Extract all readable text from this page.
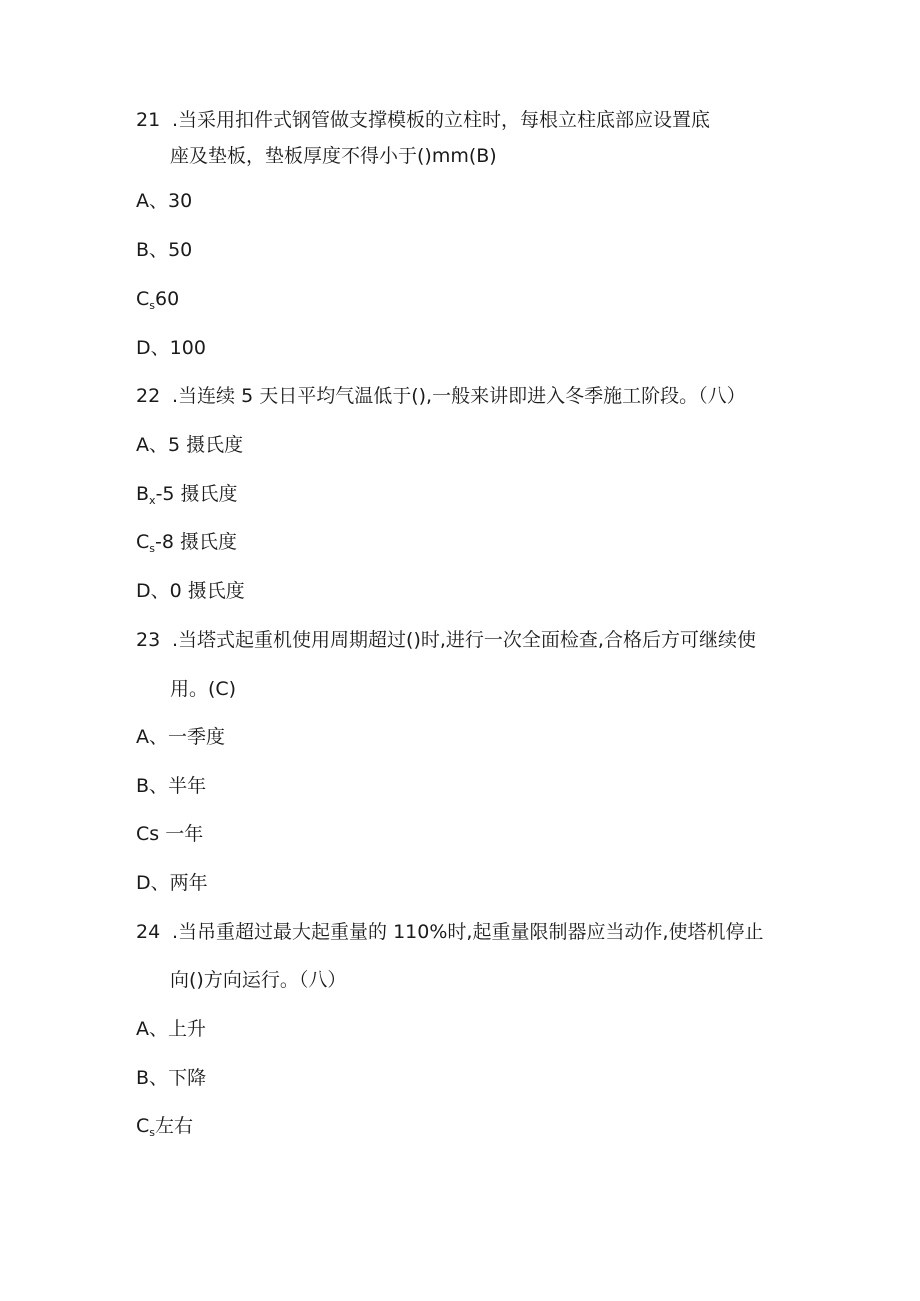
21 .当采用扣件式钢管做支撑模板的立柱时，每根立柱底部应设置底
座及垫板，垫板厚度不得小于()mm(B)
A、30
B、50
$C_s60$
D、100
22 .当连续 5 天日平均气温低于(),一般来讲即进入冬季施工阶段。（八）
A、5 摄氏度
$B_x-5$ 摄氏度
$C_s-8$ 摄氏度
D、0 摄氏度
23 .当塔式起重机使用周期超过()时,进行一次全面检查,合格后方可继续使
用。(C)
A、一季度
B、半年
Cs 一年
D、两年
24 .当吊重超过最大起重量的 110%时,起重量限制器应当动作,使塔机停止
向()方向运行。（八）
A、上升
B、下降
$C_s$左右
